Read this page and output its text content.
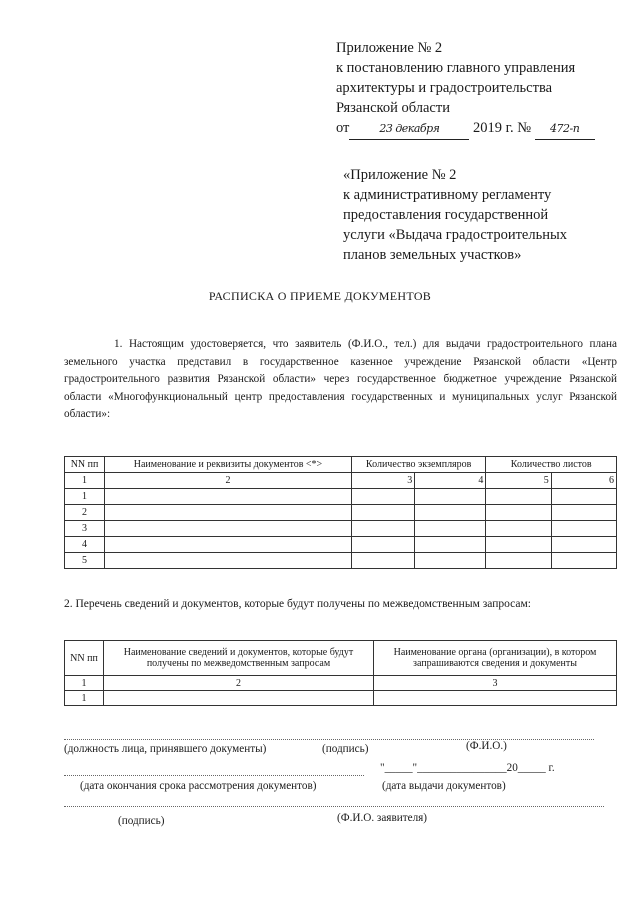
Приложение № 2
к постановлению главного управления
архитектуры и градостроительства
Рязанской области
от	23 декабря 2019 г. № 472-п
«Приложение № 2
к административному регламенту
предоставления государственной
услуги «Выдача градостроительных
планов земельных участков»
РАСПИСКА О ПРИЕМЕ ДОКУМЕНТОВ
1. Настоящим удостоверяется, что заявитель (Ф.И.О., тел.) для выдачи градостроительного плана земельного участка представил в государственное казенное учреждение Рязанской области «Центр градостроительного развития Рязанской области» через государственное бюджетное учреждение Рязанской области «Многофункциональный центр предоставления государственных и муниципальных услуг Рязанской области»:
NN пп	Наименование и реквизиты документов <*>	Количество экземпляров		Количество листов	
1	2	3	4	5	6
1					
2					
3					
4					
5					
2. Перечень сведений и документов, которые будут получены по межведомственным запросам:
NN пп	Наименование сведений и документов, которые будут получены по межведомственным запросам	Наименование органа (организации), в котором запрашиваются сведения и документы
1	2	3
1		
(должность лица, принявшего документы)	(подпись)	(Ф.И.О.)
"_____"________________20_____ г.
(дата окончания срока рассмотрения документов)	(дата выдачи документов)
(подпись)	(Ф.И.О. заявителя)
